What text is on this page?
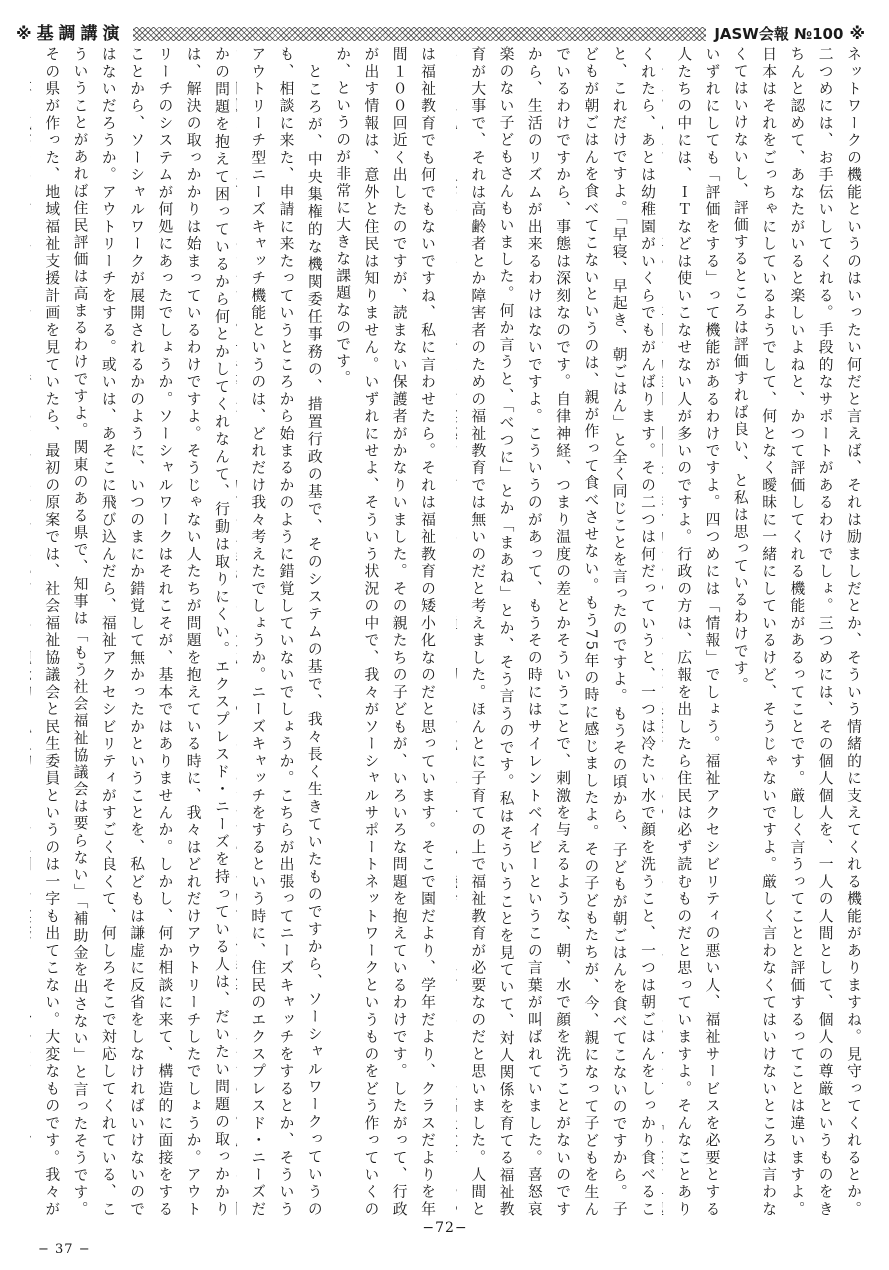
※ 基調講演	JASW会報 №100 ※
ネットワークの機能というのはいったい何だと言えば、それは励ましだとか、そういう情緒的に支えてくれる機能がありますね。見守ってくれるとか。二つめには、お手伝いしてくれる。手段的なサポートがあるわけでしょ。三つめには、その個人個人を、一人の人間として、個人の尊厳というものをきちんと認めて、あなたがいると楽しいよねと、かつて評価してくれる機能があるってことです。厳しく言うってことと評価するってことは違いますよ。日本はそれをごっちゃにしているようでして、何となく曖昧に一緒にしているけど、そうじゃないですよ。厳しく言わなくてはいけないところは言わなくてはいけないし、評価するところは評価すれば良い、と私は思っているわけです。
いずれにしても「評価をする」って機能があるわけですよ。四つめには「情報」でしょう。福祉アクセシビリティの悪い人、福祉サービスを必要とする人たちの中には、ＩＴなどは使いこなせない人が多いのですよ。行政の方は、広報を出したら住民は必ず読むものだと思っていますよ。そんなことあり
くれたら、あとは幼稚園がいくらでもがんばります。その二つは何だっていうと、一つは冷たい水で顔を洗うこと、一つは朝ごはんをしっかり食べること、これだけですよ。「早寝、早起き、朝ごはん」と全く同じことを言ったのですよ。もうその頃から、子どもが朝ごはんを食べてこないのですから。子どもが朝ごはんを食べてこないというのは、親が作って食べさせない。もう75年の時に感じましたよ。その子どもたちが、今、親になって子どもを生んでいるわけですから、事態は深刻なのです。自律神経、つまり温度の差とかそういうことで、刺激を与えるような、朝、水で顔を洗うことがないのですから、生活のリズムが出来るわけはないですよ。こういうのがあって、もうその時にはサイレントベイビーというこの言葉が叫ばれていました。喜怒哀楽のない子どもさんもいました。何か言うと、「べつに」とか「まあね」とか、そう言うのです。私はそういうことを見ていて、対人関係を育てる福祉教育が大事で、それは高齢者とか障害者のための福祉教育では無いのだと考えました。ほんとに子育ての上で福祉教育が必要なのだと思いました。人間と
は福祉教育でも何でもないですね、私に言わせたら。それは福祉教育の矮小化なのだと思っています。そこで園だより、学年だより、クラスだよりを年間１００回近く出したのですが、読まない保護者がかなりいました。その親たちの子どもが、いろいろな問題を抱えているわけです。したがって、行政が出す情報は、意外と住民は知りません。いずれにせよ、そういう状況の中で、我々がソーシャルサポートネットワークというものをどう作っていくのか、というのが非常に大きな課題なのです。
　ところが、中央集権的な機関委任事務の、措置行政の基で、そのシステムの基で、我々長く生きていたものですから、ソーシャルワークっていうのも、相談に来た、申請に来たっていうところから始まるかのように錯覚していないでしょうか。こちらが出張ってニーズキャッチをするとか、そういうアウトリーチ型ニーズキャッチ機能というのは、どれだけ我々考えたでしょうか。ニーズキャッチをするという時に、住民のエクスプレスド・ニーズだ
かの問題を抱えて困っているから何とかしてくれなんて、行動は取りにくい。エクスプレスド・ニーズを持っている人は、だいたい問題の取っかかりは、解決の取っかかりは始まっているわけですよ。そうじゃない人たちが問題を抱えている時に、我々はどれだけアウトリーチしたでしょうか。アウトリーチのシステムが何処にあったでしょうか。ソーシャルワークはそれこそが、基本ではありませんか。しかし、何か相談に来て、構造的に面接をすることから、ソーシャルワークが展開されるかのように、いつのまにか錯覚して無かったかということを、私どもは謙虚に反省をしなければいけないのではないだろうか。アウトリーチをする。或いは、あそこに飛び込んだら、福祉アクセシビリティがすごく良くて、何しろそこで対応してくれている、こういうことがあれば住民評価は高まるわけですよ。関東のある県で、知事は「もう社会福祉協議会は要らない」「補助金を出さない」と言ったそうです。その県が作った、地域福祉支援計画を見ていたら、最初の原案では、社会福祉協議会と民生委員というのは一字も出てこない。大変なものです。我々が
−72−
− 37 −
